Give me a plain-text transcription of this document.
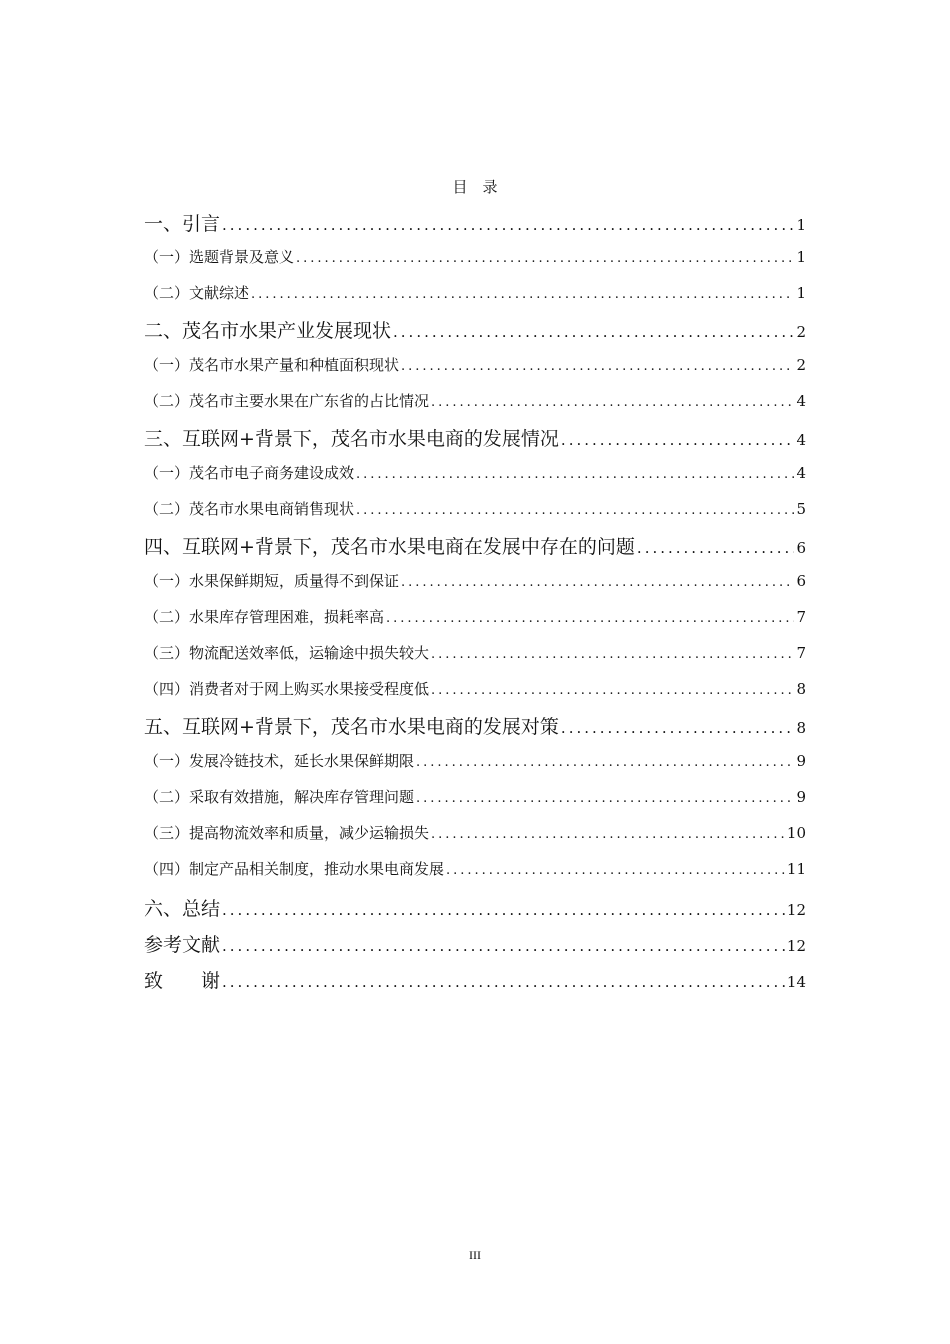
目　录
一、引言 .....	1
（一）选题背景及意义 .....	1
（二）文献综述 .....	1
二、茂名市水果产业发展现状 .....	2
（一）茂名市水果产量和种植面积现状 .....	2
（二）茂名市主要水果在广东省的占比情况 .....	4
三、互联网+背景下，茂名市水果电商的发展情况 .....	4
（一）茂名市电子商务建设成效 .....	4
（二）茂名市水果电商销售现状 .....	5
四、互联网+背景下，茂名市水果电商在发展中存在的问题 .....	6
（一）水果保鲜期短，质量得不到保证 .....	6
（二）水果库存管理困难，损耗率高 .....	7
（三）物流配送效率低，运输途中损失较大 .....	7
（四）消费者对于网上购买水果接受程度低 .....	8
五、互联网+背景下，茂名市水果电商的发展对策 .....	8
（一）发展冷链技术，延长水果保鲜期限 .....	9
（二）采取有效措施，解决库存管理问题 .....	9
（三）提高物流效率和质量，减少运输损失 .....	10
（四）制定产品相关制度，推动水果电商发展 .....	11
六、总结 .....	12
参考文献 .....	12
致　　谢 .....	14
III
